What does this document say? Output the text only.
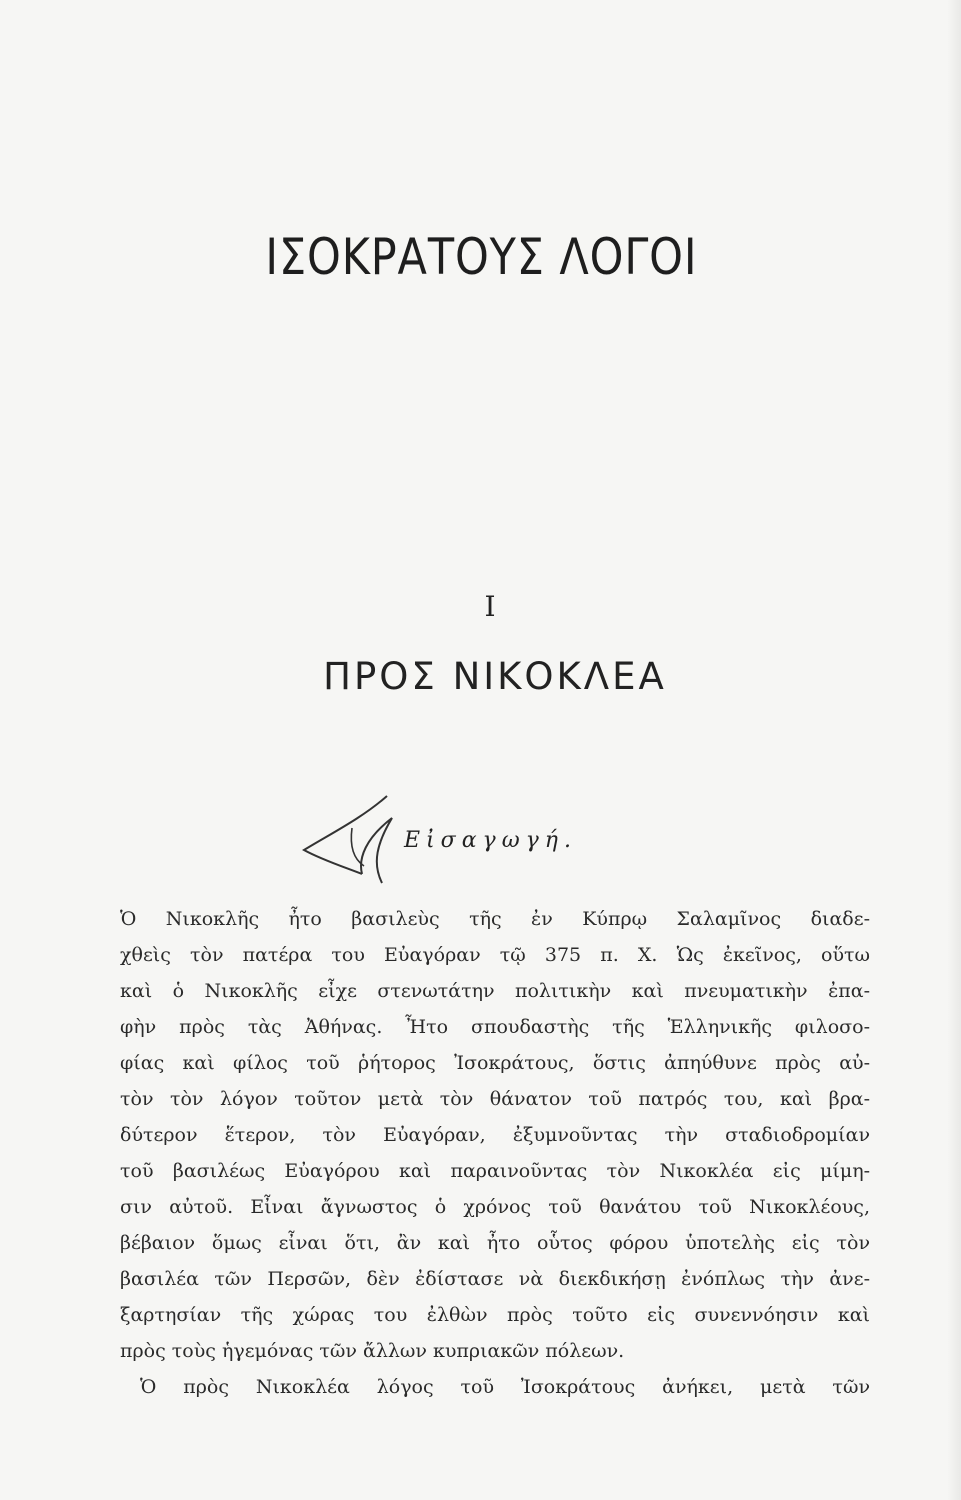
ΙΣΟΚΡΑΤΟΥΣ ΛΟΓΟΙ
Ι
ΠΡΟΣ ΝΙΚΟΚΛΕΑ
Εἰσαγωγή.
Ὁ Νικοκλῆς ἦτο βασιλεὺς τῆς ἐν Κύπρῳ Σαλαμῖνος διαδε-
χθεὶς τὸν πατέρα του Εὐαγόραν τῷ 375 π. Χ. Ὡς ἐκεῖνος, οὕτω
καὶ ὁ Νικοκλῆς εἶχε στενωτάτην πολιτικὴν καὶ πνευματικὴν ἐπα-
φὴν πρὸς τὰς Ἀθήνας. Ἦτο σπουδαστὴς τῆς Ἑλληνικῆς φιλοσο-
φίας καὶ φίλος τοῦ ῥήτορος Ἰσοκράτους, ὅστις ἀπηύθυνε πρὸς αὐ-
τὸν τὸν λόγον τοῦτον μετὰ τὸν θάνατον τοῦ πατρός του, καὶ βρα-
δύτερον ἕτερον, τὸν Εὐαγόραν, ἐξυμνοῦντας τὴν σταδιοδρομίαν
τοῦ βασιλέως Εὐαγόρου καὶ παραινοῦντας τὸν Νικοκλέα εἰς μίμη-
σιν αὐτοῦ. Εἶναι ἄγνωστος ὁ χρόνος τοῦ θανάτου τοῦ Νικοκλέους,
βέβαιον ὅμως εἶναι ὅτι, ἂν καὶ ἦτο οὗτος φόρου ὑποτελὴς εἰς τὸν
βασιλέα τῶν Περσῶν, δὲν ἐδίστασε νὰ διεκδικήσῃ ἐνόπλως τὴν ἀνε-
ξαρτησίαν τῆς χώρας του ἐλθὼν πρὸς τοῦτο εἰς συνεννόησιν καὶ
πρὸς τοὺς ἡγεμόνας τῶν ἄλλων κυπριακῶν πόλεων.
Ὁ πρὸς Νικοκλέα λόγος τοῦ Ἰσοκράτους ἀνήκει, μετὰ τῶν
